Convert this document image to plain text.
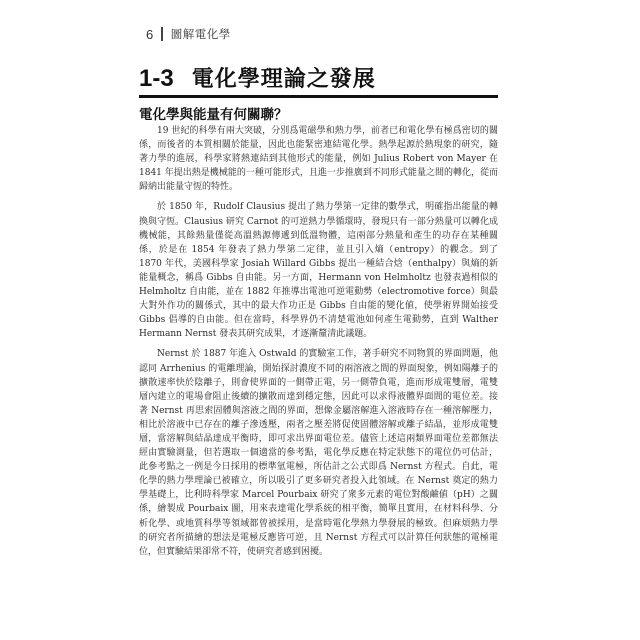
6 圖解電化學
1-3 電化學理論之發展
電化學與能量有何關聯？

19 世紀的科學有兩大突破，分別爲電磁學和熱力學，前者已和電化學有極爲密切的關係，而後者的本質相關於能量，因此也能緊密連結電化學。熱學起源於熱現象的研究，隨著力學的進展，科學家將熱連結到其他形式的能量，例如 Julius Robert von Mayer 在 1841 年提出熱是機械能的一種可能形式，且進一步推廣到不同形式能量之間的轉化，從而歸納出能量守恆的特性。

於 1850 年，Rudolf Clausius 提出了熱力學第一定律的數學式，明確指出能量的轉換與守恆。Clausius 研究 Carnot 的可逆熱力學循環時，發現只有一部分熱量可以轉化成機械能，其餘熱量僅從高溫熱源傳遞到低溫物體，這兩部分熱量和產生的功存在某種關係，於是在 1854 年發表了熱力學第二定律，並且引入熵（entropy）的觀念。到了 1870 年代，美國科學家 Josiah Willard Gibbs 提出一種結合焓（enthalpy）與熵的新能量概念，稱爲 Gibbs 自由能。另一方面，Hermann von Helmholtz 也發表過相似的 Helmholtz 自由能，並在 1882 年推導出電池可逆電動勢（electromotive force）與最大對外作功的關係式，其中的最大作功正是 Gibbs 自由能的變化値，使學術界開始接受 Gibbs 倡導的自由能。但在當時，科學界仍不清楚電池如何產生電動勢，直到 Walther Hermann Nernst 發表其研究成果，才逐漸釐清此議題。

Nernst 於 1887 年進入 Ostwald 的實驗室工作，著手研究不同物質的界面問題，他認同 Arrhenius 的電離理論，開始探討濃度不同的兩溶液之間的界面現象，例如陽離子的擴散速率快於陰離子，則會使界面的一側帶正電，另一側帶負電，進而形成電雙層，電雙層內建立的電場會阻止後續的擴散而達到穩定態，因此可以求得液體界面間的電位差。接著 Nernst 再思索固體與溶液之間的界面，想像金屬溶解進入溶液時存在一種溶解壓力，相比於溶液中已存在的離子滲透壓，兩者之壓差將促使固體溶解或離子結晶，並形成電雙層，當溶解與結晶達成平衡時，即可求出界面電位差。儘管上述這兩類界面電位差都無法經由實驗測量，但若選取一個適當的參考點，電化學反應在特定狀態下的電位仍可估計，此參考點之一例是今日採用的標準氫電極，所估計之公式即爲 Nernst 方程式。自此，電化學的熱力學理論已被確立，所以吸引了更多研究者投入此領域。在 Nernst 奠定的熱力學基礎上，比利時科學家 Marcel Pourbaix 研究了衆多元素的電位對酸鹼値（pH）之關係，繪製成 Pourbaix 圖，用來表達電化學系統的相平衡，簡單且實用，在材料科學、分析化學、或地質科學等領域都曾被採用，是當時電化學熱力學發展的極致。但麻煩熱力學的研究者所描繪的想法是電極反應皆可逆，且 Nernst 方程式可以計算任何狀態的電極電位，但實驗結果卻常不符，使研究者感到困擾。
